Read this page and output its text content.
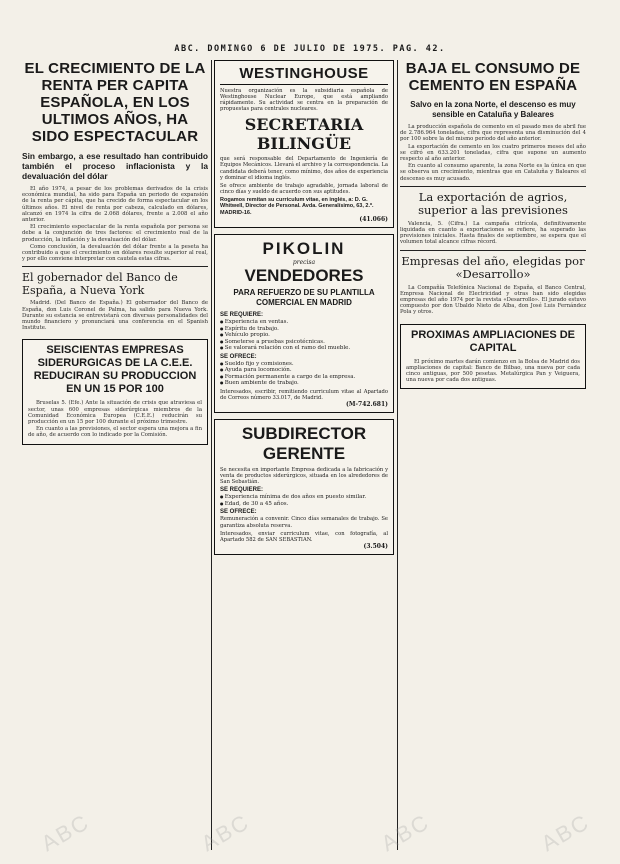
ABC. DOMINGO 6 DE JULIO DE 1975. PAG. 42.
EL CRECIMIENTO DE LA RENTA PER CAPITA ESPAÑOLA, EN LOS ULTIMOS AÑOS, HA SIDO ESPECTACULAR
Sin embargo, a ese resultado han contribuido también el proceso inflacionista y la devaluación del dólar

El año 1974, a pesar de los problemas derivados de la crisis económica mundial, ha sido para España un periodo de expansión de la renta per cápita, que ha crecido de forma espectacular en los últimos años. El nivel de renta por cabeza, calculado en dólares, alcanzó en 1974 la cifra de 2.068 dólares, frente a 2.008 el año anterior.

El crecimiento espectacular de la renta española por persona se debe a la conjunción de tres factores: el crecimiento real de la producción, la inflación y la devaluación del dólar.

Como conclusión, la devaluación del dólar frente a la peseta ha contribuido a que el crecimiento en dólares resulte superior al real, y por ello conviene interpretar con cautela estas cifras.

El gobernador del Banco de España, a Nueva York

Madrid. (Del Banco de España.) El gobernador del Banco de España, don Luis Coronel de Palma, ha salido para Nueva York. Durante su estancia se entrevistará con diversas personalidades del mundo financiero y pronunciará una conferencia en el Spanish Institute.

SEISCIENTAS EMPRESAS SIDERURGICAS DE LA C.E.E. REDUCIRAN SU PRODUCCION EN UN 15 POR 100

Bruselas 5. (Efe.) Ante la situación de crisis que atraviesa el sector, unas 600 empresas siderúrgicas miembros de la Comunidad Económica Europea (C.E.E.) reducirán su producción en un 15 por 100 durante el próximo trimestre.

En cuanto a las previsiones, el sector espera una mejora a fin de año, de acuerdo con lo indicado por la Comisión.

WESTINGHOUSE
Nuestra organización es la subsidiaria española de Westinghouse Nuclear Europe, que está ampliando rápidamente. Su actividad se centra en la preparación de propuestas para centrales nucleares.
SECRETARIA BILINGÜE
que será responsable del Departamento de Ingeniería de Equipos Mecánicos. Llevará el archivo y la correspondencia. La candidata deberá tener, como mínimo, dos años de experiencia y dominar el idioma inglés.
Se ofrece ambiente de trabajo agradable, jornada laboral de cinco días y sueldo de acuerdo con sus aptitudes.
Rogamos remitan su curriculum vitae, en inglés, a: D. G. Whitwell, Director de Personal. Avda. Generalísimo, 63, 2.º. MADRID-16.
(41.066)
PIKOLIN
precisa
VENDEDORES
PARA REFUERZO DE SU PLANTILLA COMERCIAL EN MADRID
SE REQUIERE:
● Experiencia en ventas.
● Espíritu de trabajo.
● Vehículo propio.
● Someterse a pruebas psicotécnicas.
● Se valorará relación con el ramo del mueble.
SE OFRECE:
● Sueldo fijo y comisiones.
● Ayuda para locomoción.
● Formación permanente a cargo de la empresa.
● Buen ambiente de trabajo.
Interesados, escribir, remitiendo curriculum vitae al Apartado de Correos número 33.017, de Madrid.
(M-742.681)
SUBDIRECTOR GERENTE
Se necesita en importante Empresa dedicada a la fabricación y venta de productos siderúrgicos, situada en los alrededores de San Sebastián.
SE REQUIERE:
● Experiencia mínima de dos años en puesto similar.
● Edad, de 30 a 45 años.
SE OFRECE:
Remuneración a convenir. Cinco días semanales de trabajo. Se garantiza absoluta reserva.
Interesados, enviar curriculum vitae, con fotografía, al Apartado 582 de SAN SEBASTIAN.
(3.504)
BAJA EL CONSUMO DE CEMENTO EN ESPAÑA
Salvo en la zona Norte, el descenso es muy sensible en Cataluña y Baleares

La producción española de cemento en el pasado mes de abril fue de 2.786.964 toneladas, cifra que representa una disminución del 4 por 100 sobre la del mismo período del año anterior.

La exportación de cemento en los cuatro primeros meses del año se cifró en 633.201 toneladas, cifra que supone un aumento respecto al año anterior.

En cuanto al consumo aparente, la zona Norte es la única en que se observa un crecimiento, mientras que en Cataluña y Baleares el descenso es muy acusado.

La exportación de agrios, superior a las previsiones

Valencia, 5. (Cifra.) La campaña citrícola, definitivamente liquidada en cuanto a exportaciones se refiere, ha superado las previsiones iniciales. Hasta finales de septiembre, se espera que el volumen total alcance cifras récord.

Empresas del año, elegidas por «Desarrollo»

La Compañía Telefónica Nacional de España, el Banco Central, Empresa Nacional de Electricidad y otras han sido elegidas empresas del año 1974 por la revista «Desarrollo». El jurado estuvo compuesto por don Ubaldo Nieto de Alba, don José Luis Fernández Pola y otros.

PROXIMAS AMPLIACIONES DE CAPITAL

El próximo martes darán comienzo en la Bolsa de Madrid dos ampliaciones de capital: Banco de Bilbao, una nueva por cada cinco antiguas, por 500 pesetas. Metalúrgica Pan y Veiguera, una nueva por cada dos antiguas.

ABC	ABC	ABC	ABC
